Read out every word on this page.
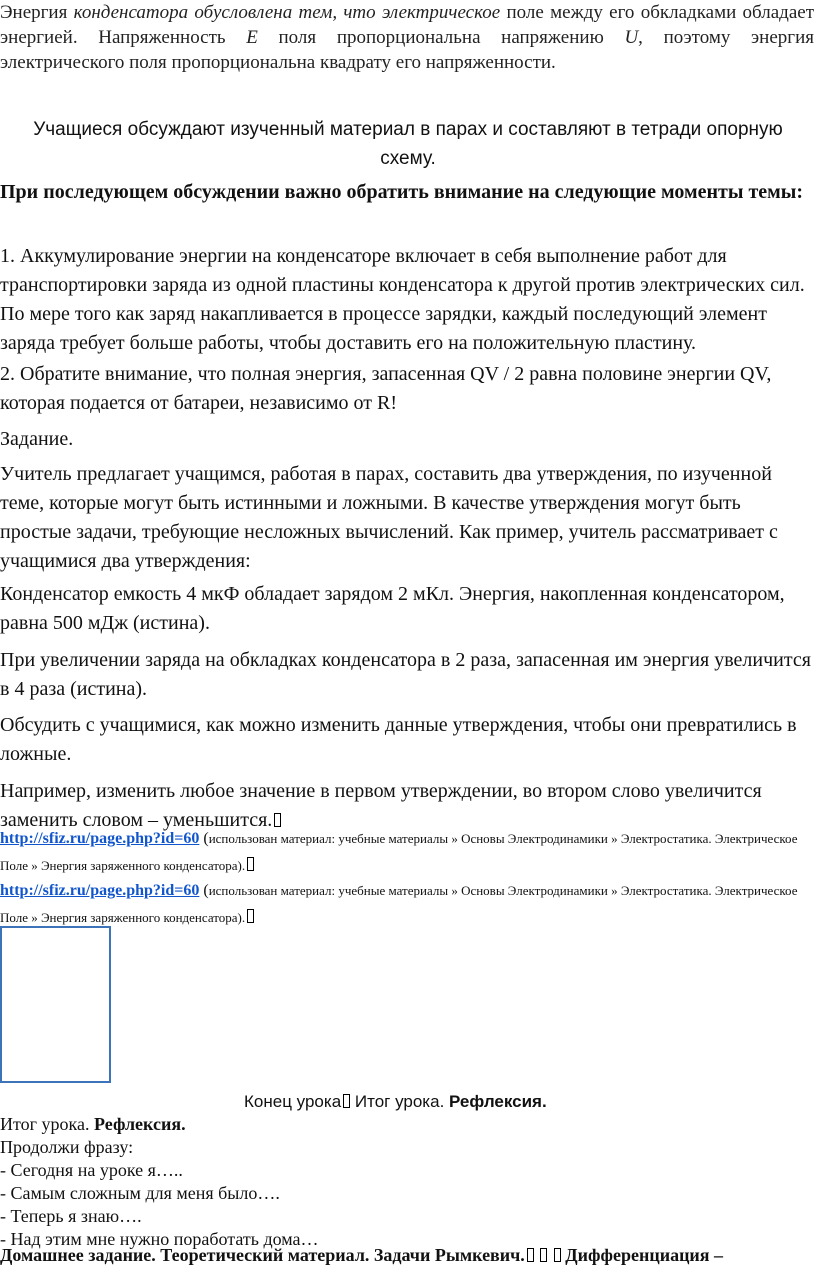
Энергия конденсатора обусловлена тем, что электрическое поле между его обкладками обладает энергией. Напряженность E поля пропорциональна напряжению U, поэтому энергия электрического поля пропорциональна квадрату его напряженности.
Учащиеся обсуждают изученный материал в парах и составляют в тетради опорную схему.
При последующем обсуждении важно обратить внимание на следующие моменты темы:
1. Аккумулирование энергии на конденсаторе включает в себя выполнение работ для транспортировки заряда из одной пластины конденсатора к другой против электрических сил. По мере того как заряд накапливается в процессе зарядки, каждый последующий элемент заряда требует больше работы, чтобы доставить его на положительную пластину.
2. Обратите внимание, что полная энергия, запасенная QV / 2 равна половине энергии QV, которая подается от батареи, независимо от R!
Задание.
Учитель предлагает учащимся, работая в парах, составить два утверждения, по изученной теме, которые могут быть истинными и ложными. В качестве утверждения могут быть простые задачи, требующие несложных вычислений. Как пример, учитель рассматривает с учащимися два утверждения:
Конденсатор емкость 4 мкФ обладает зарядом 2 мКл. Энергия, накопленная конденсатором, равна 500 мДж (истина).
При увеличении заряда на обкладках конденсатора в 2 раза, запасенная им энергия увеличится в 4 раза (истина).
Обсудить с учащимися, как можно изменить данные утверждения, чтобы они превратились в ложные.
Например, изменить любое значение в первом утверждении, во втором слово увеличится заменить словом – уменьшится.
http://sfiz.ru/page.php?id=60 (использован материал: учебные материалы » Основы Электродинамики » Электростатика. Электрическое Поле » Энергия заряженного конденсатора).
http://sfiz.ru/page.php?id=60 (использован материал: учебные материалы » Основы Электродинамики » Электростатика. Электрическое Поле » Энергия заряженного конденсатора).
Конец урока Итог урока. Рефлексия.
Итог урока. Рефлексия.
Продолжи фразу:
- Сегодня на уроке я…..
- Самым сложным для меня было….
- Теперь я знаю….
- Над этим мне нужно поработать дома…
Домашнее задание. Теоретический материал. Задачи Рымкевич. Дифференциация –
